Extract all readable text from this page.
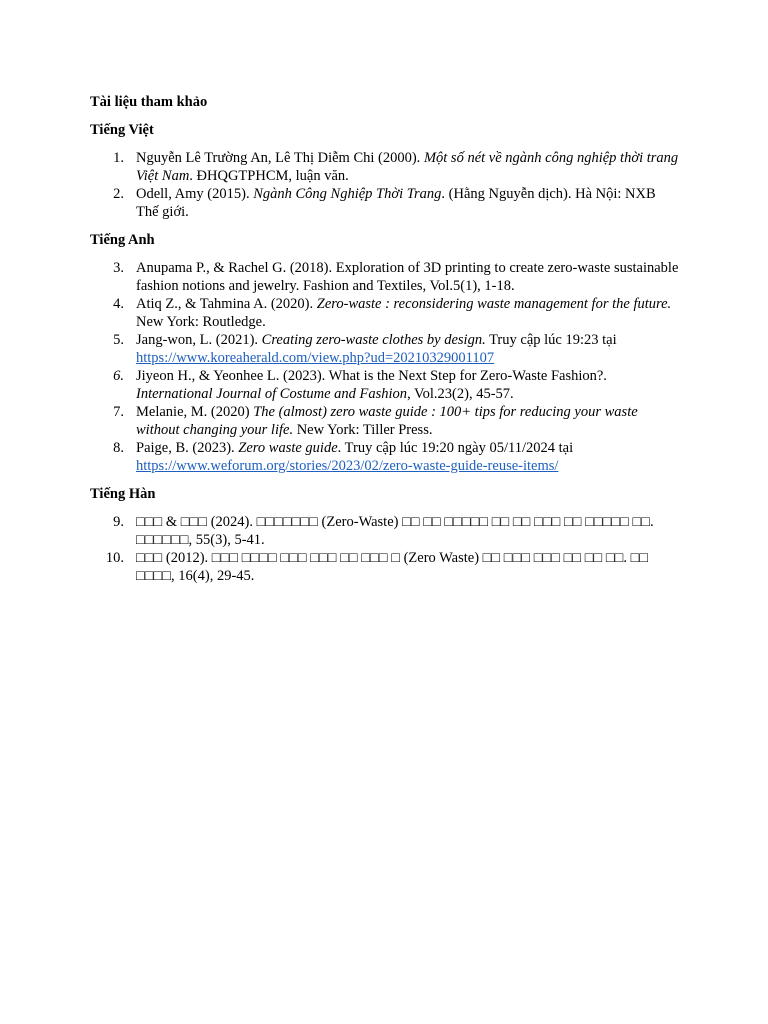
Tài liệu tham khảo

Tiếng Việt

1. Nguyễn Lê Trường An, Lê Thị Diễm Chi (2000). Một số nét về ngành công nghiệp thời trang Việt Nam. ĐHQGTPHCM, luận văn.
2. Odell, Amy (2015). Ngành Công Nghiệp Thời Trang. (Hằng Nguyễn dịch). Hà Nội: NXB Thế giới.

Tiếng Anh

3. Anupama P., & Rachel G. (2018). Exploration of 3D printing to create zero-waste sustainable fashion notions and jewelry. Fashion and Textiles, Vol.5(1), 1-18.
4. Atiq Z., & Tahmina A. (2020). Zero-waste : reconsidering waste management for the future. New York: Routledge.
5. Jang-won, L. (2021). Creating zero-waste clothes by design. Truy cập lúc 19:23 tại
https://www.koreaherald.com/view.php?ud=20210329001107
6. Jiyeon H., & Yeonhee L. (2023). What is the Next Step for Zero-Waste Fashion?. International Journal of Costume and Fashion, Vol.23(2), 45-57.
7. Melanie, M. (2020) The (almost) zero waste guide : 100+ tips for reducing your waste without changing your life. New York: Tiller Press.
8. Paige, B. (2023). Zero waste guide. Truy cập lúc 19:20 ngày 05/11/2024 tại
https://www.weforum.org/stories/2023/02/zero-waste-guide-reuse-items/

Tiếng Hàn

9. □□□ & □□□ (2024). □□□□□□□ (Zero-Waste) □□ □□ □□□□□ □□ □□ □□□ □□ □□□□□ □□. □□□□□□, 55(3), 5-41.
10. □□□ (2012). □□□ □□□□ □□□ □□□ □□ □□□ □ (Zero Waste) □□ □□□ □□□ □□ □□ □□. □□ □□□□, 16(4), 29-45.
